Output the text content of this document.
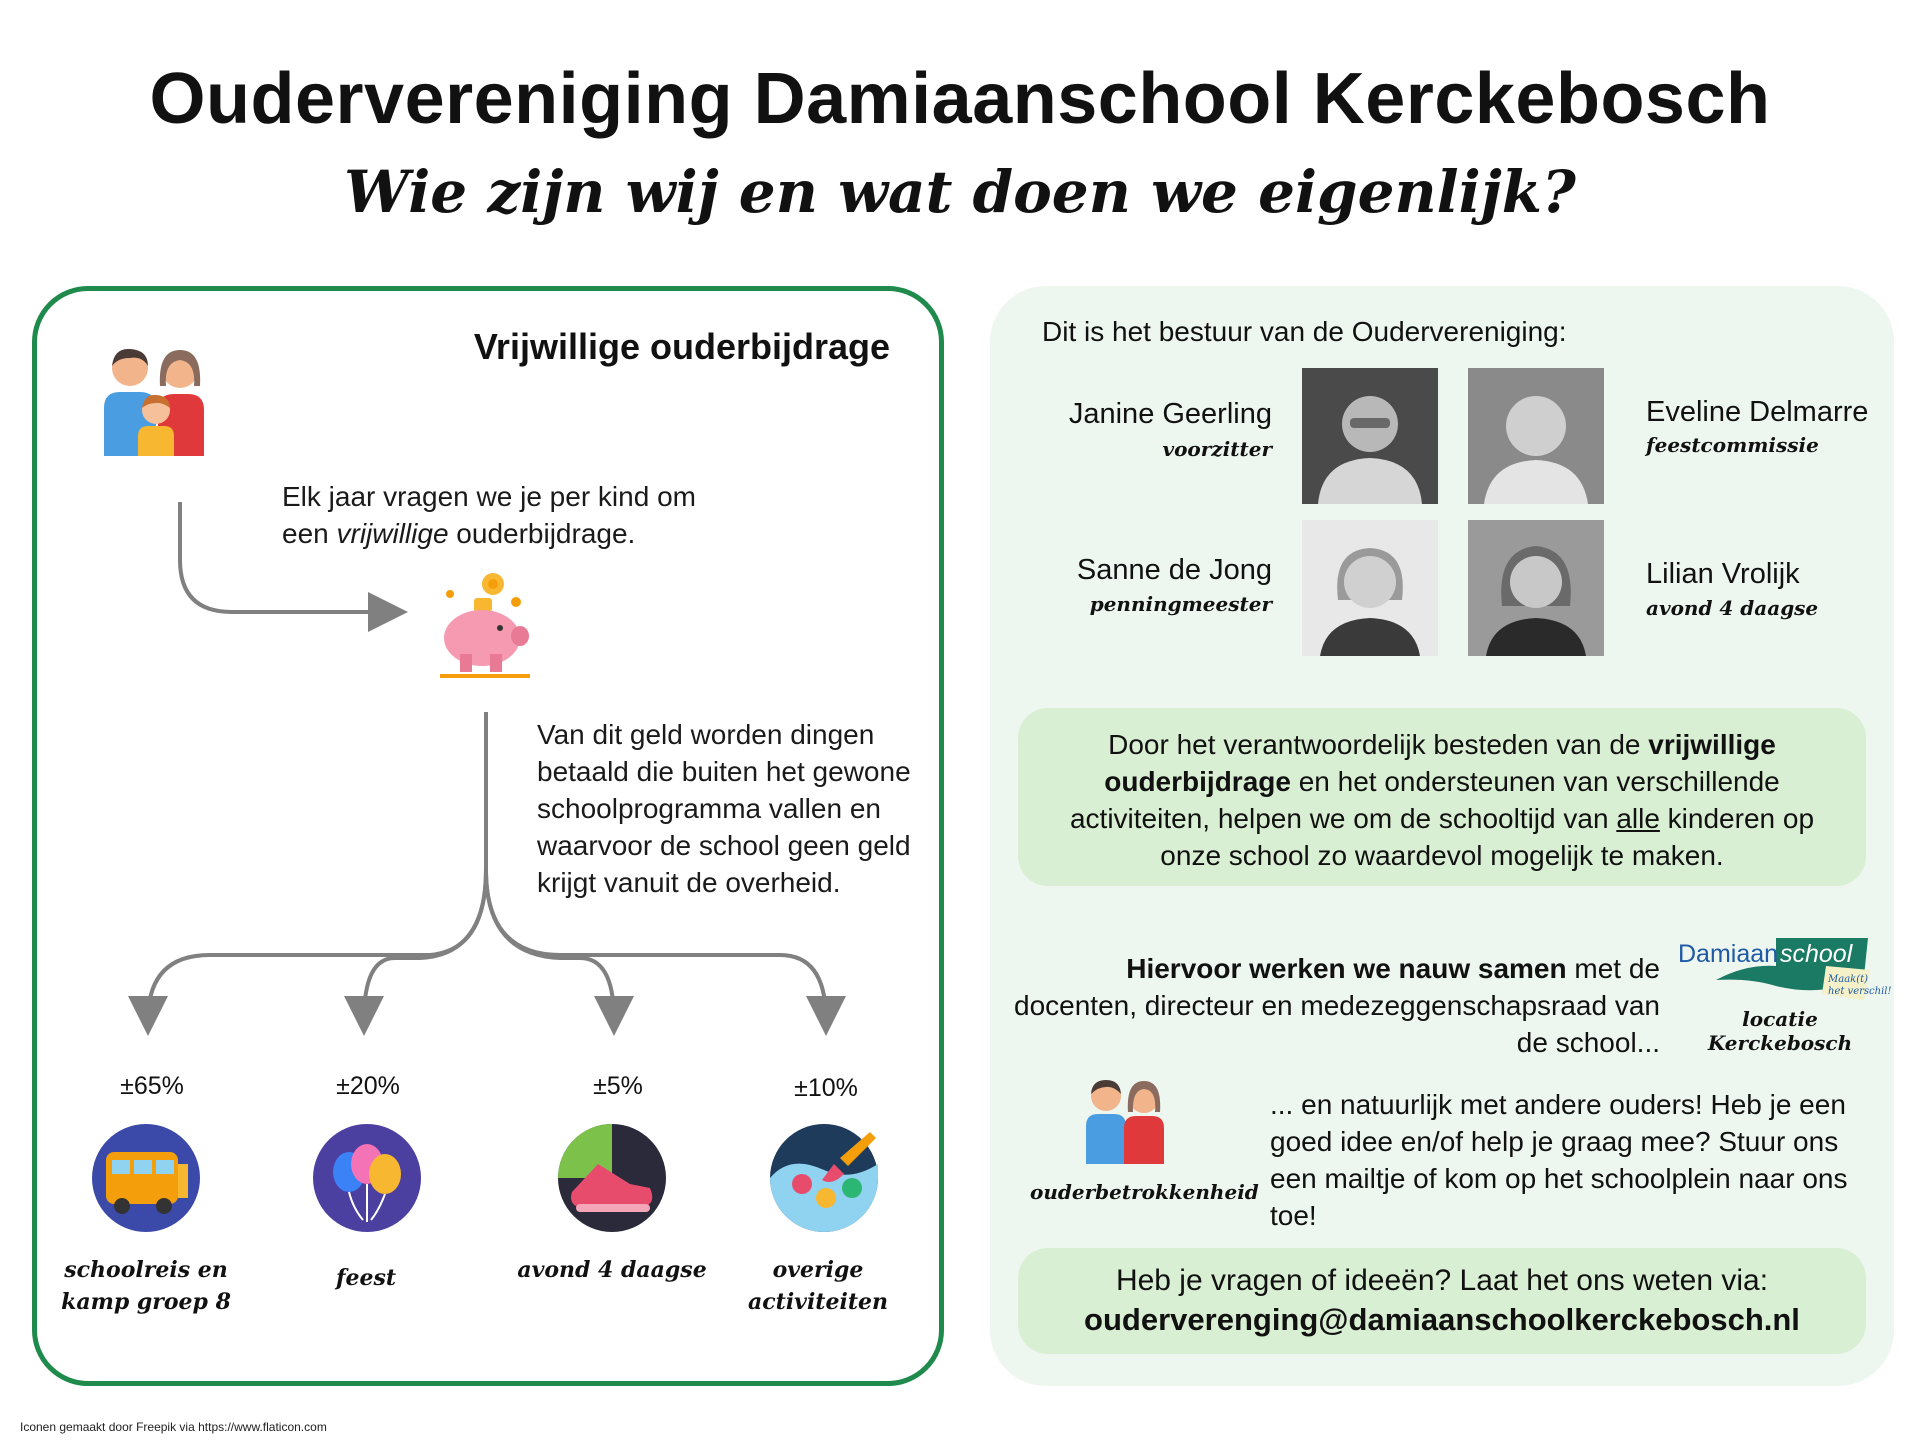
Oudervereniging Damiaanschool Kerckebosch
Wie zijn wij en wat doen we eigenlijk?
Vrijwillige ouderbijdrage
Elk jaar vragen we je per kind om
een vrijwillige ouderbijdrage.
Van dit geld worden dingen betaald die buiten het gewone schoolprogramma vallen en waarvoor de school geen geld krijgt vanuit de overheid.
±65%	±20%	±5%	±10%
schoolreis en
kamp groep 8
feest	avond 4 daagse	overige
activiteiten
Dit is het bestuur van de Oudervereniging:
Janine Geerling
voorzitter
Eveline Delmarre
feestcommissie
Sanne de Jong
penningmeester
Lilian Vrolijk
avond 4 daagse
Door het verantwoordelijk besteden van de vrijwillige ouderbijdrage en het ondersteunen van verschillende activiteiten, helpen we om de schooltijd van alle kinderen op onze school zo waardevol mogelijk te maken.
Hiervoor werken we nauw samen met de docenten, directeur en medezeggenschapsraad van de school...
Damiaan school
Maak(t)
het verschil!
locatie Kerckebosch
ouderbetrokkenheid
... en natuurlijk met andere ouders! Heb je een goed idee en/of help je graag mee? Stuur ons een mailtje of kom op het schoolplein naar ons toe!
Heb je vragen of ideeën? Laat het ons weten via:
ouderverenging@damiaanschoolkerckebosch.nl
Iconen gemaakt door Freepik via https://www.flaticon.com
